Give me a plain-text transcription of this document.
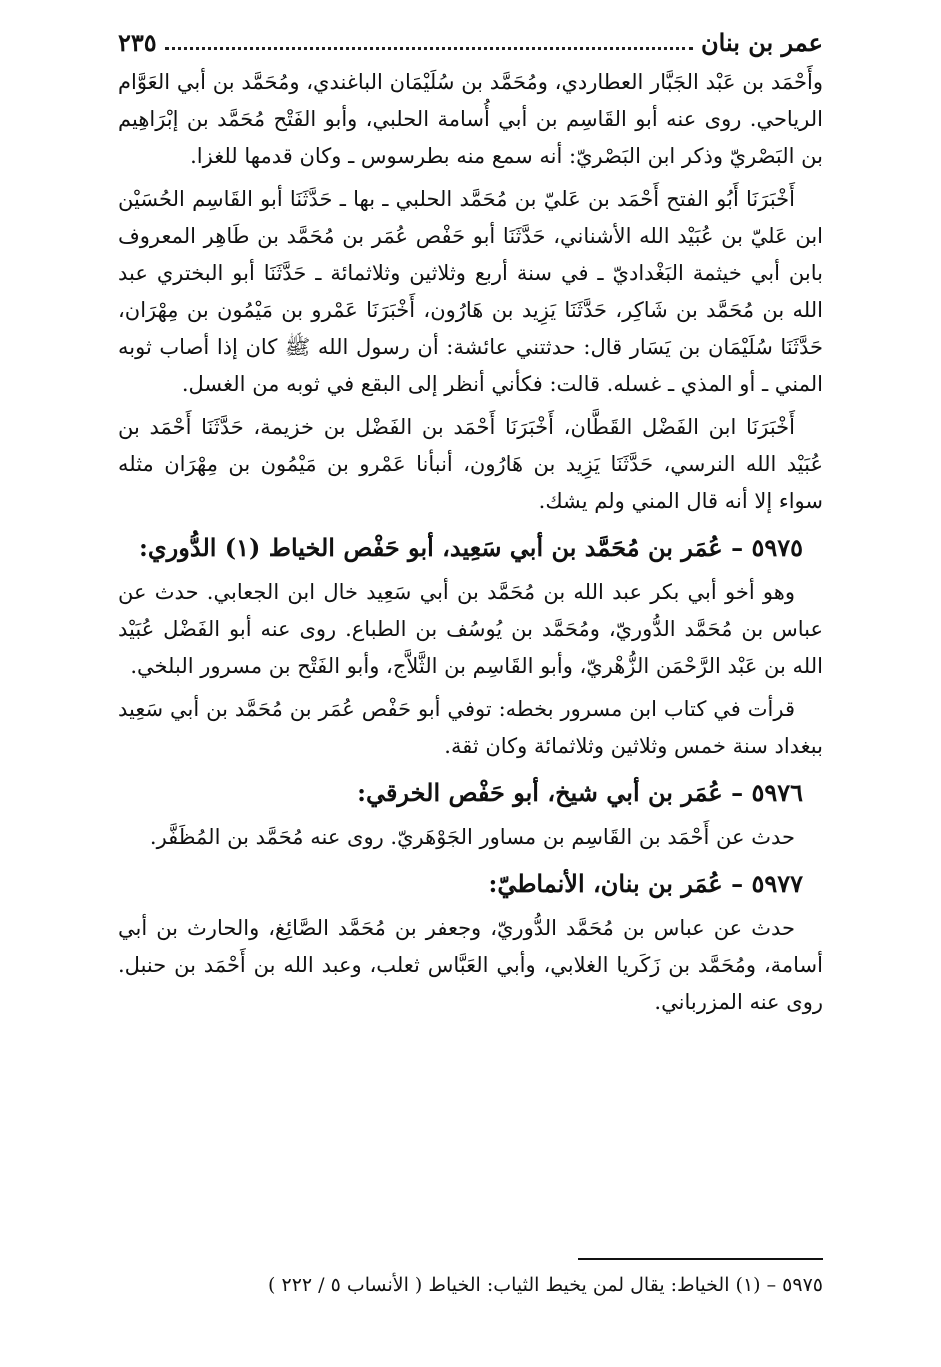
عمر بن بنان
٢٣٥

وأَحْمَد بن عَبْد الجَبَّار العطاردي، ومُحَمَّد بن سُلَيْمَان الباغندي، ومُحَمَّد بن أبي العَوَّام الرياحي. روى عنه أبو القَاسِم بن أبي أُسامة الحلبي، وأبو الفَتْح مُحَمَّد بن إبْرَاهِيم بن البَصْريّ وذكر ابن البَصْريّ: أنه سمع منه بطرسوس ـ وكان قدمها للغزا.

أَخْبَرَنَا أَبُو الفتح أَحْمَد بن عَليّ بن مُحَمَّد الحلبي ـ بها ـ حَدَّثَنَا أبو القَاسِم الحُسَيْن ابن عَليّ بن عُبَيْد الله الأشناني، حَدَّثَنَا أبو حَفْص عُمَر بن مُحَمَّد بن طَاهِر المعروف بابن أبي خيثمة البَغْداديّ ـ في سنة أربع وثلاثين وثلاثمائة ـ حَدَّثَنَا أبو البختري عبد الله بن مُحَمَّد بن شَاكِر، حَدَّثَنَا يَزِيد بن هَارُون، أَخْبَرَنَا عَمْرو بن مَيْمُون بن مِهْرَان، حَدَّثَنَا سُلَيْمَان بن يَسَار قال: حدثتني عائشة: أن رسول الله ﷺ كان إذا أصاب ثوبه المني ـ أو المذي ـ غسله. قالت: فكأني أنظر إلى البقع في ثوبه من الغسل.

أَخْبَرَنَا ابن الفَضْل القَطَّان، أَخْبَرَنَا أَحْمَد بن الفَضْل بن خزيمة، حَدَّثَنَا أَحْمَد بن عُبَيْد الله النرسي، حَدَّثَنَا يَزِيد بن هَارُون، أنبأنا عَمْرو بن مَيْمُون بن مِهْرَان مثله سواء إلا أنه قال المني ولم يشك.

٥٩٧٥ – عُمَر بن مُحَمَّد بن أبي سَعِيد، أبو حَفْص الخياط (١) الدُّوري:

وهو أخو أبي بكر عبد الله بن مُحَمَّد بن أبي سَعِيد خال ابن الجعابي. حدث عن عباس بن مُحَمَّد الدُّوريّ، ومُحَمَّد بن يُوسُف بن الطباع. روى عنه أبو الفَضْل عُبَيْد الله بن عَبْد الرَّحْمَن الزُّهْريّ، وأبو القَاسِم بن الثَّلاَّج، وأبو الفَتْح بن مسرور البلخي.

قرأت في كتاب ابن مسرور بخطه: توفي أبو حَفْص عُمَر بن مُحَمَّد بن أبي سَعِيد ببغداد سنة خمس وثلاثين وثلاثمائة وكان ثقة.

٥٩٧٦ – عُمَر بن أبي شيخ، أبو حَفْص الخرقي:

حدث عن أَحْمَد بن القَاسِم بن مساور الجَوْهَريّ. روى عنه مُحَمَّد بن المُظَفَّر.

٥٩٧٧ – عُمَر بن بنان، الأنماطيّ:

حدث عن عباس بن مُحَمَّد الدُّوريّ، وجعفر بن مُحَمَّد الصَّائِغ، والحارث بن أبي أسامة، ومُحَمَّد بن زَكَريا الغلابي، وأبي العَبَّاس ثعلب، وعبد الله بن أَحْمَد بن حنبل. روى عنه المزرباني.

٥٩٧٥ – (١) الخياط: يقال لمن يخيط الثياب: الخياط ( الأنساب ٥ / ٢٢٢ )
